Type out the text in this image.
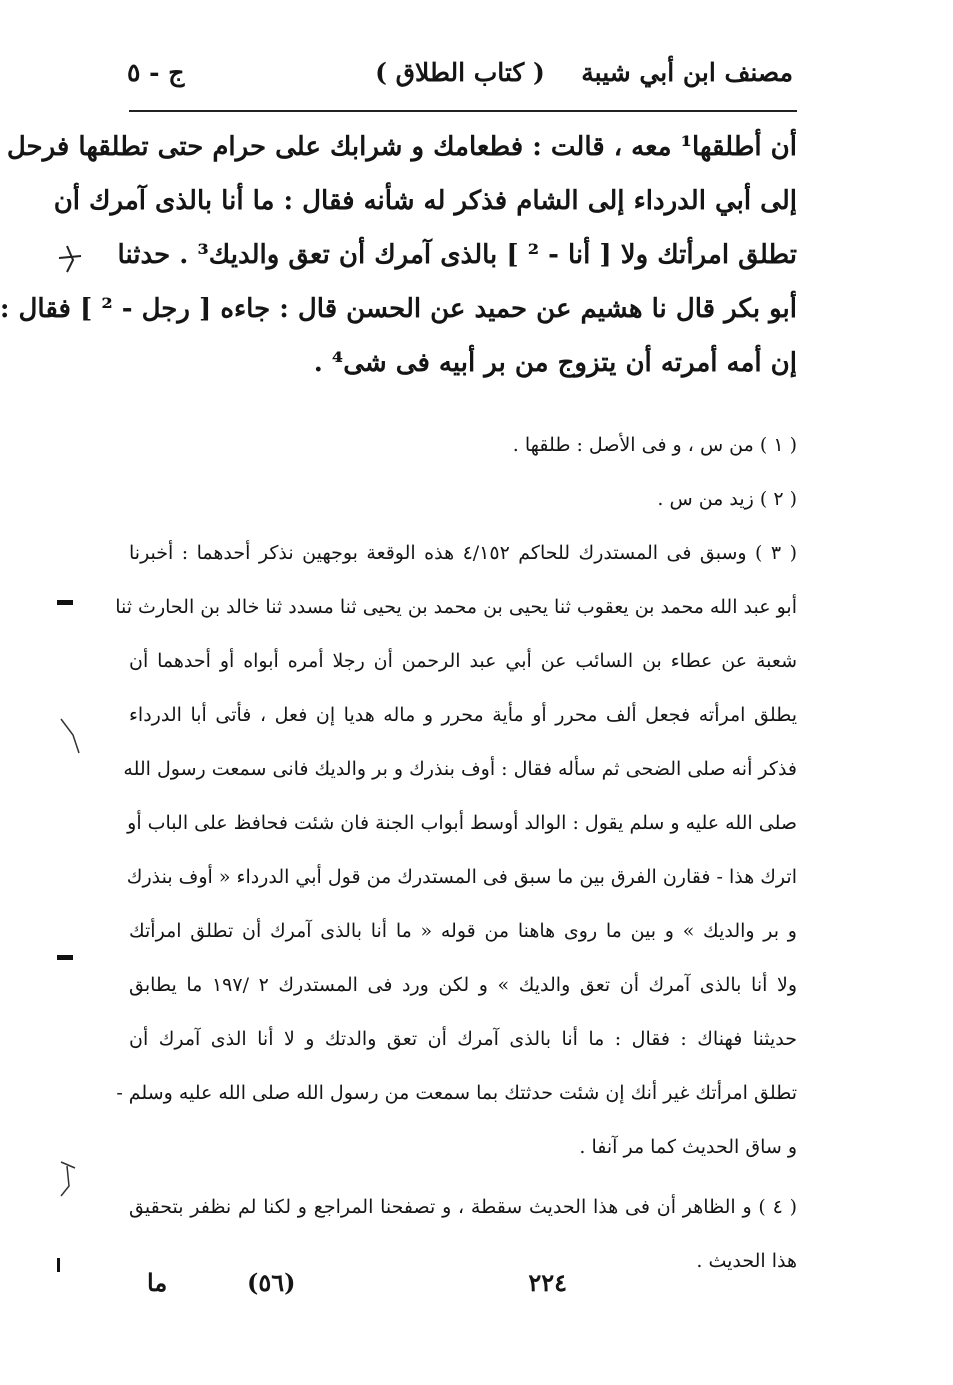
مصنف ابن أبي شيبة
( كتاب الطلاق )
ج - ٥
أن أطلقها¹ معه ، قالت : فطعامك و شرابك على حرام حتى تطلقها فرحل
إلى أبي الدرداء إلى الشام فذكر له شأنه فقال : ما أنا بالذى آمرك أن
تطلق امرأتك ولا [ أنا - ² ] بالذى آمرك أن تعق والديك³ . حدثنا
أبو بكر قال نا هشيم عن حميد عن الحسن قال : جاءه [ رجل - ² ] فقال :
إن أمه أمرته أن يتزوج من بر أبيه فى شى⁴ .
( ١ ) من س ، و فى الأصل : طلقها .
( ٢ ) زيد من س .
( ٣ ) وسبق فى المستدرك للحاكم ٤/١٥٢ هذه الوقعة بوجهين نذكر أحدهما : أخبرنا
أبو عبد الله محمد بن يعقوب ثنا يحيى بن محمد بن يحيى ثنا مسدد ثنا خالد بن الحارث ثنا
شعبة عن عطاء بن السائب عن أبي عبد الرحمن أن رجلا أمره أبواه أو أحدهما أن
يطلق امرأته فجعل ألف محرر أو مأية محرر و ماله هديا إن فعل ، فأتى أبا الدرداء
فذكر أنه صلى الضحى ثم سأله فقال : أوف بنذرك و بر والديك فانى سمعت رسول الله
صلى الله عليه و سلم يقول : الوالد أوسط أبواب الجنة فان شئت فحافظ على الباب أو
اترك هذا - فقارن الفرق بين ما سبق فى المستدرك من قول أبي الدرداء « أوف بنذرك
و بر والديك » و بين ما روى هاهنا من قوله « ما أنا بالذى آمرك أن تطلق امرأتك
ولا أنا بالذى آمرك أن تعق والديك » و لكن ورد فى المستدرك ٢ /١٩٧ ما يطابق
حديثنا فهناك : فقال : ما أنا بالذى آمرك أن تعق والدتك و لا أنا الذى آمرك أن
تطلق امرأتك غير أنك إن شئت حدثتك بما سمعت من رسول الله صلى الله عليه وسلم -
و ساق الحديث كما مر آنفا .
( ٤ ) و الظاهر أن فى هذا الحديث سقطة ، و تصفحنا المراجع و لكنا لم نظفر بتحقيق
هذا الحديث .
٢٢٤
(٥٦)
ما
